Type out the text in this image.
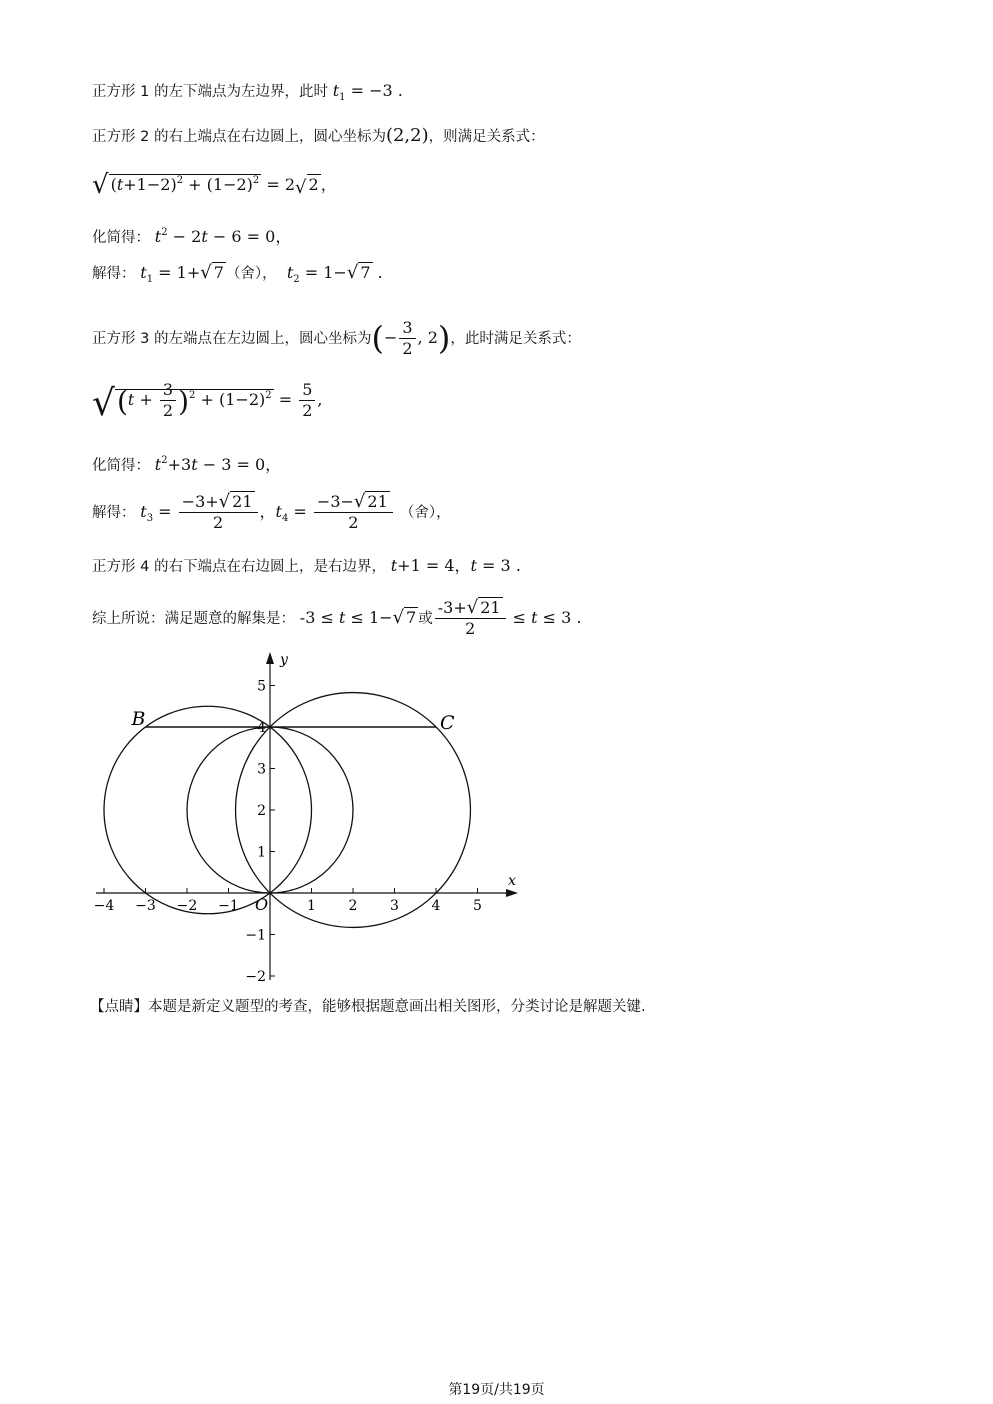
正方形 1 的左下端点为左边界，此时 $t_1 = -3$ .
正方形 2 的右上端点在右边圆上，圆心坐标为(2,2)，则满足关系式：
√ $(t+1-2)^2 + (1-2)^2 = 2√$ 2 ，
化简得： $t^2 - 2t - 6 = 0$，
解得： $t_1 = 1+√$ 7 （舍）， $t_2 = 1-√$ 7 .
正方形 3 的左端点在左边圆上，圆心坐标为(− $\frac{3}{2}$ , 2)，此时满足关系式：
$√(t + \frac{3}{2} )^2 + (1-2)^2 = \frac{5}{2}$ ,
化简得： $t^2+3t - 3 = 0$，
解得： $t_3 = \frac{-3+√ 21}{2}$ ，$t_4 = \frac{-3-√ 21}{2}$ （舍），
正方形 4 的右下端点在右边圆上，是右边界， t+1 = 4，t = 3 .
综上所说：满足题意的解集是： -3 ≤ t ≤ 1−√ 7 或 $\frac{-3+√ 21}{2} \le t \le 3$ .
x
y
−4 −3 −2 −1	1 2 3 4 5
5
4
3
2
1
−1
−2
B	C
O
【点睛】本题是新定义题型的考查，能够根据题意画出相关图形，分类讨论是解题关键.
第19页/共19页
